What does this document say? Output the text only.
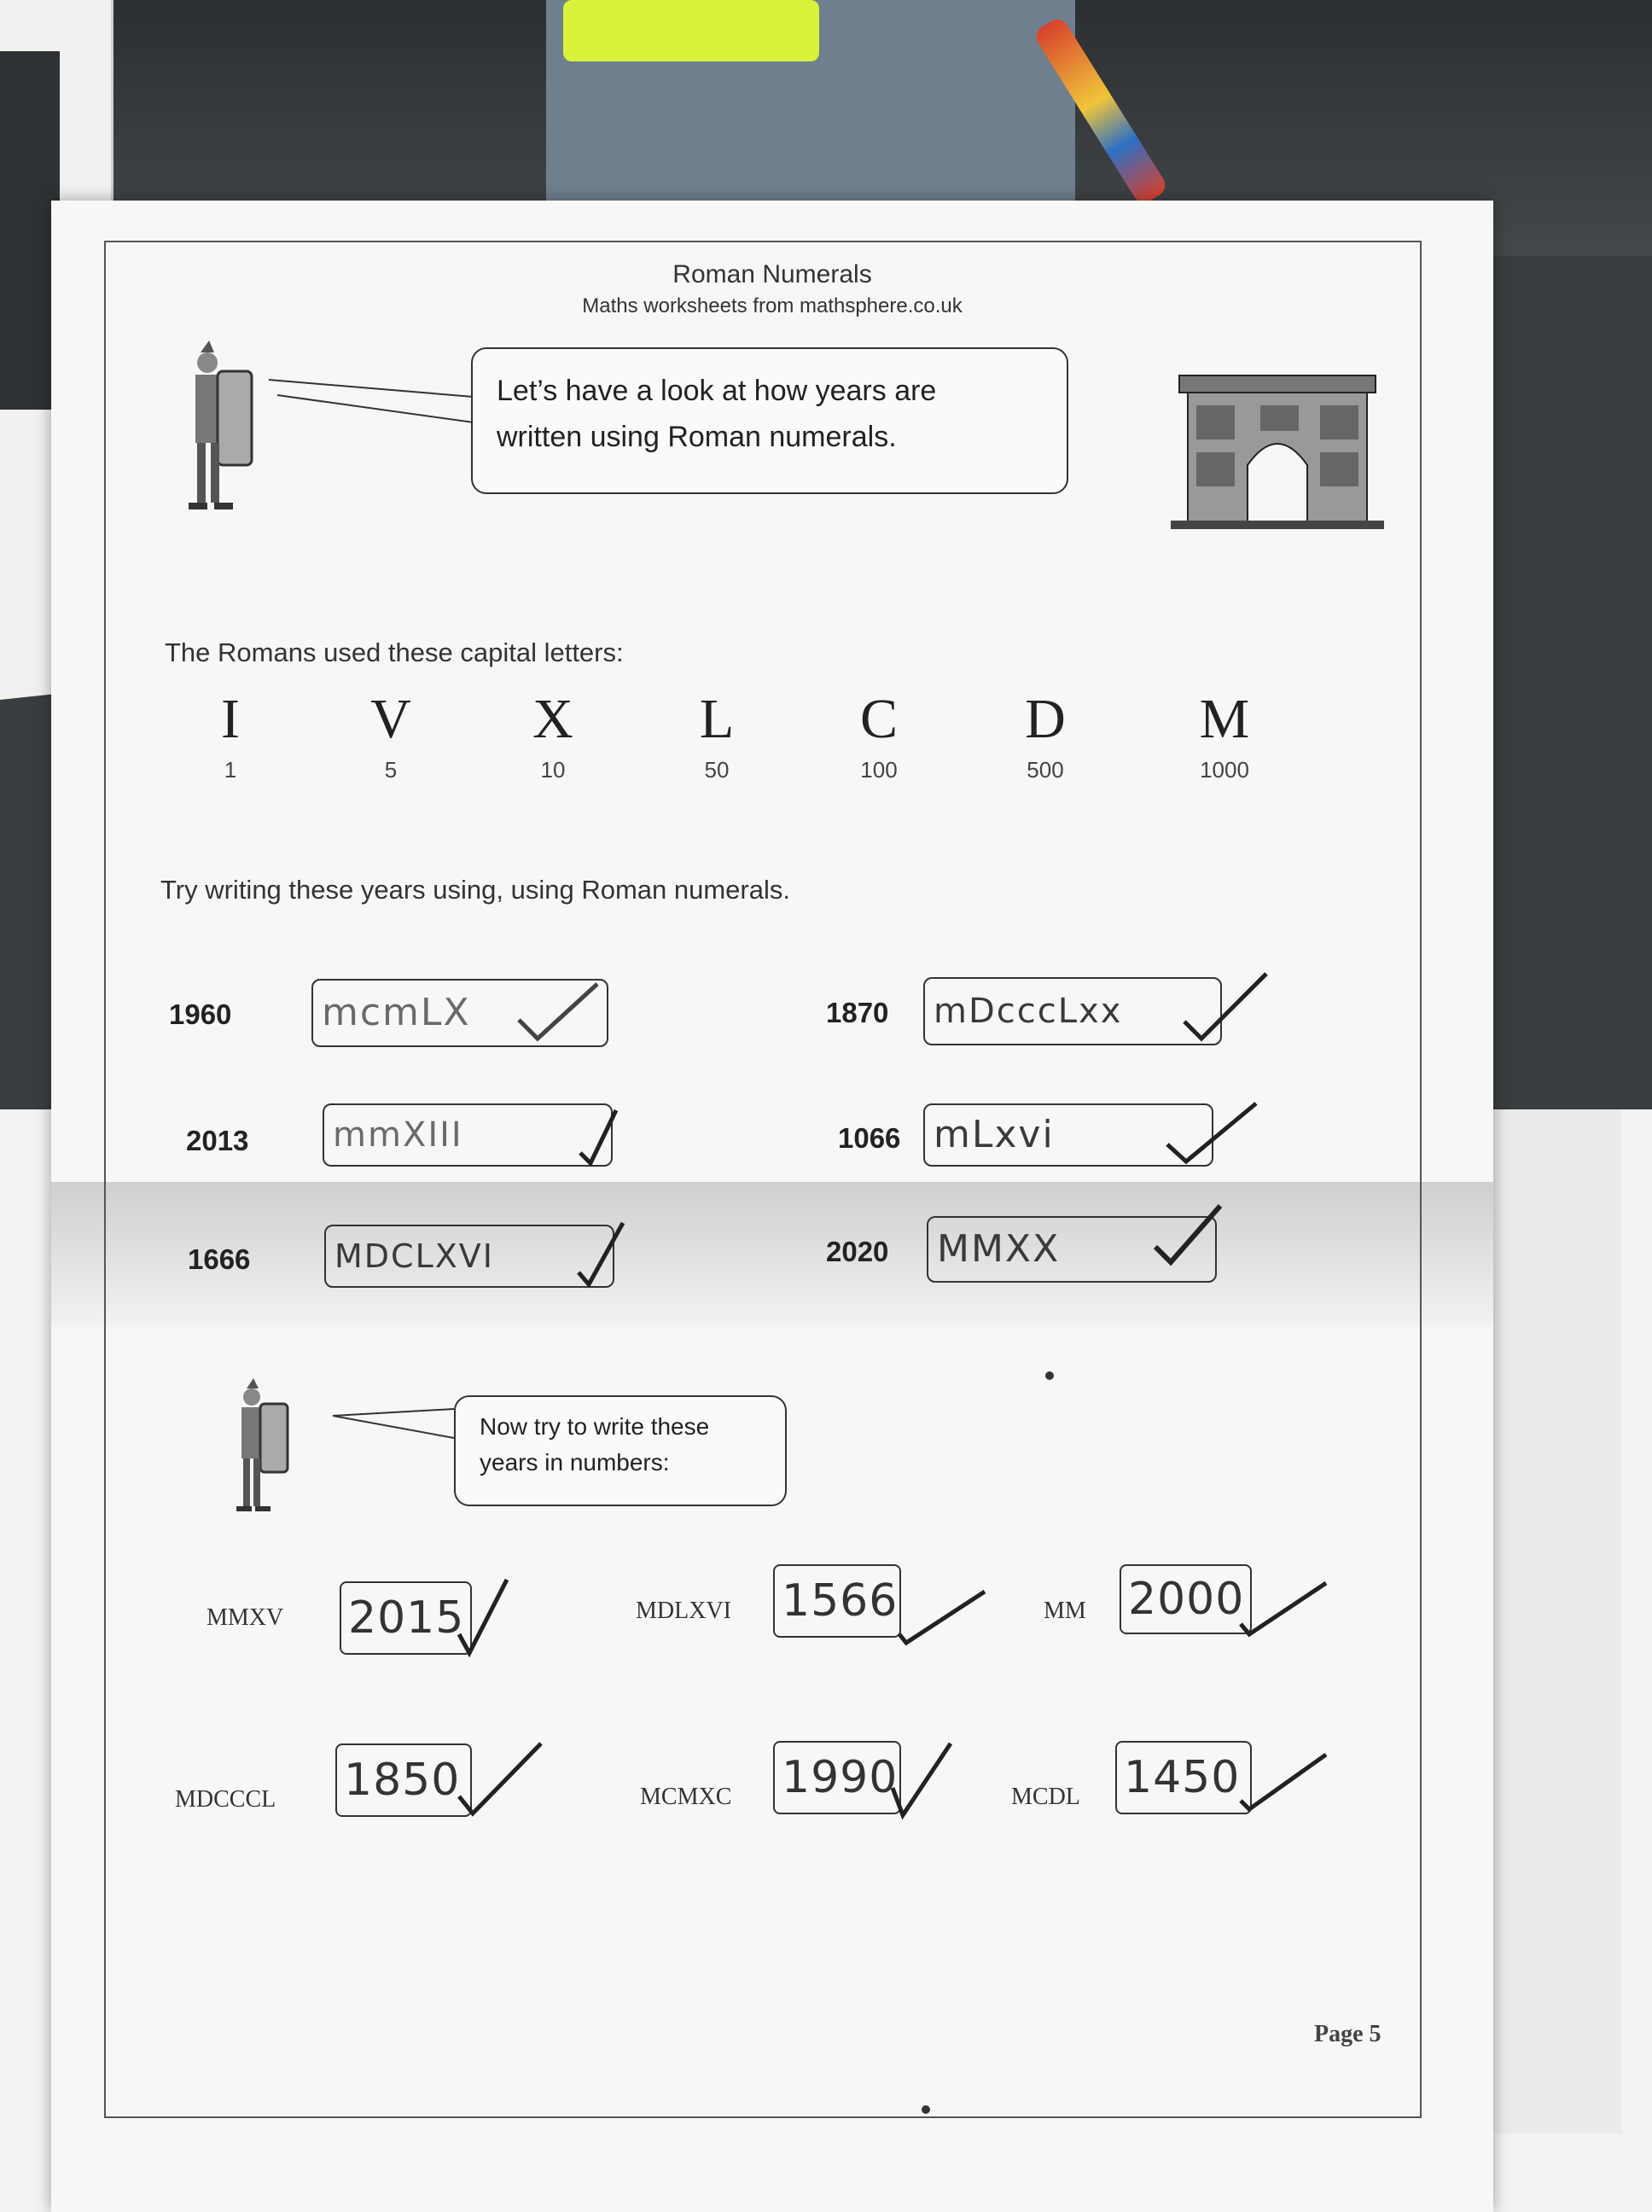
Roman Numerals
Maths worksheets from mathsphere.co.uk
Let’s have a look at how years are
written using Roman numerals.
The Romans used these capital letters:
I
1
V
5
X
10
L
50
C
100
D
500
M
1000
Try writing these years using, using Roman numerals.
1960 mcmLX	1870	mDcccLxx
2013	mmXIII	1066 mLxvi
1666	MDCLXVI	2020 MMXX
Now try to write these
years in numbers:
MMXV 2015	MDLXVI 1566	MM 2000
MDCCCL 1850	MCMXC 1990	MCDL 1450
Page 5
